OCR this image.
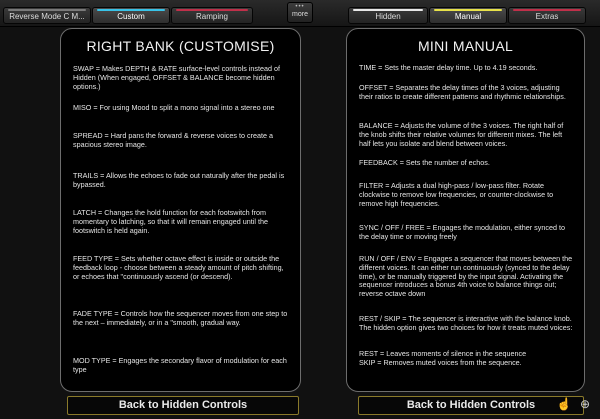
Reverse Mode C M...	Custom	Ramping
•••
more	Hidden	Manual	Extras
RIGHT BANK (CUSTOMISE)
SWAP = Makes DEPTH & RATE surface-level controls instead of Hidden (When engaged, OFFSET & BALANCE become hidden options.)
MISO = For using Mood to split a mono signal into a stereo one
SPREAD = Hard pans the forward & reverse voices to create a spacious stereo image.
TRAILS = Allows the echoes to fade out naturally after the pedal is bypassed.
LATCH = Changes the hold function for each footswitch from momentary to latching, so that it will remain engaged until the footswitch is held again.
FEED TYPE = Sets whether octave effect is inside or outside the feedback loop - choose between a steady amount of pitch shifting, or echoes that "continuously ascend (or descend).
FADE TYPE = Controls how the sequencer moves from one step to the next – immediately, or in a "smooth, gradual way.
MOD TYPE = Engages the secondary flavor of modulation for each type
MINI MANUAL
TIME = Sets the master delay time. Up to 4.19 seconds.
OFFSET = Separates the delay times of the 3 voices, adjusting their ratios to create different patterns and rhythmic relationships.
BALANCE = Adjusts the volume of the 3 voices. The right half of the knob shifts their relative volumes for different mixes. The left half lets you isolate and blend between voices.
FEEDBACK = Sets the number of echos.
FILTER = Adjusts a dual high-pass / low-pass filter. Rotate clockwise to remove low frequencies, or counter-clockwise to remove high frequencies.
SYNC / OFF / FREE = Engages the modulation, either synced to the delay time or moving freely
RUN / OFF / ENV = Engages a sequencer that moves between the different voices. It can either run continuously (synced to the delay time), or be manually triggered by the input signal. Activating the sequencer introduces a bonus 4th voice to balance things out; reverse octave down
REST / SKIP = The sequencer is interactive with the balance knob. The hidden option gives two choices for how it treats muted voices:
REST = Leaves moments of silence in the sequence
SKIP = Removes muted voices from the sequence.
Back to Hidden Controls	Back to Hidden Controls	☝ ⊕
